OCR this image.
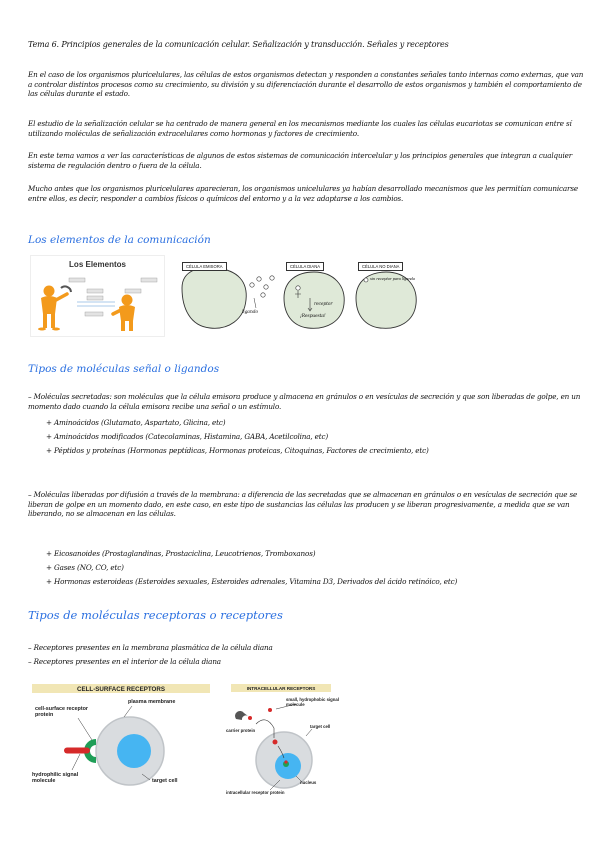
Tema 6. Principios generales de la comunicación celular. Señalización y transducción. Señales y receptores
En el caso de los organismos pluricelulares, las células de estos organismos detectan y responden a constantes señales tanto internas como externas, que van a controlar distintos procesos como su crecimiento, su división y su diferenciación durante el desarrollo de estos organismos y también el comportamiento de las células durante el estado.
El estudio de la señalización celular se ha centrado de manera general en los mecanismos mediante los cuales las células eucariotas se comunican entre sí utilizando moléculas de señalización extracelulares como hormonas y factores de crecimiento.
En este tema vamos a ver las características de algunos de estos sistemas de comunicación intercelular y los principios generales que integran a cualquier sistema de regulación dentro o fuera de la célula.
Mucho antes que los organismos pluricelulares aparecieran, los organismos unicelulares ya habían desarrollado mecanismos que les permitían comunicarse entre ellos, es decir, responder a cambios físicos o químicos del entorno y a la vez adaptarse a los cambios.
Los elementos de la comunicación
Los Elementos	CÉLULA EMISORA	CÉLULA DIANA	CÉLULA NO DIANA
receptor
ligando
¡Respuesta!
sin receptor para ligando
Tipos de moléculas señal o ligandos
– Moléculas secretadas: son moléculas que la célula emisora produce y almacena en gránulos o en vesículas de secreción y que son liberadas de golpe, en un momento dado cuando la célula emisora recibe una señal o un estímulo.
+ Aminoácidos (Glutamato, Aspartato, Glicina, etc)
+ Aminoácidos modificados (Catecolaminas, Histamina, GABA, Acetilcolina, etc)
+ Péptidos y proteínas (Hormonas peptídicas, Hormonas proteicas, Citoquinas, Factores de crecimiento, etc)
– Moléculas liberadas por difusión a través de la membrana: a diferencia de las secretadas que se almacenan en gránulos o en vesículas de secreción que se liberan de golpe en un momento dado, en este caso, en este tipo de sustancias las células las producen y se liberan progresivamente, a medida que se van liberando, no se almacenan en las células.
+ Eicosanoides (Prostaglandinas, Prostaciclina, Leucotrienos, Tromboxanos)
+ Gases (NO, CO, etc)
+ Hormonas esteroideas (Esteroides sexuales, Esteroides adrenales, Vitamina D3, Derivados del ácido retinóico, etc)
Tipos de moléculas receptoras o receptores
– Receptores presentes en la membrana plasmática de la célula diana
– Receptores presentes en el interior de la célula diana
CELL-SURFACE RECEPTORS
cell-surface receptor protein
plasma membrane
hydrophilic signal molecule	target cell
INTRACELLULAR RECEPTORS
small, hydrophobic signal molecule
carrier protein
target cell
nucleus
intracellular receptor protein
